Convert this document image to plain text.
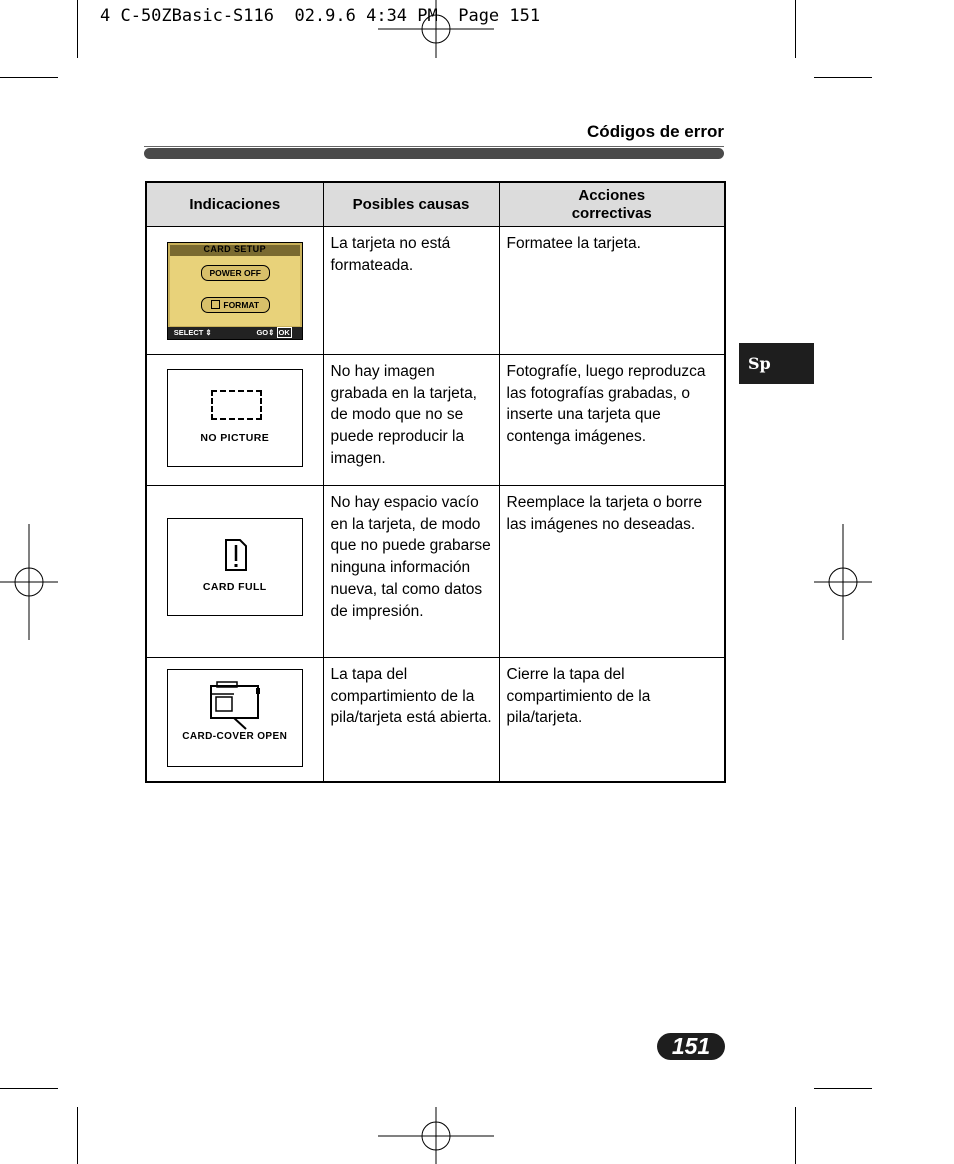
4 C-50ZBasic-S116  02.9.6 4:34 PM  Page 151
Códigos de error
Indicaciones	Posibles causas	Acciones correctivas

CARD SETUP
POWER OFF
FORMAT
SELECT ⇕ GO⇕ OK	La tarjeta no está formateada.	Formatee la tarjeta.

NO PICTURE	No hay imagen grabada en la tarjeta, de modo que no se puede reproducir la imagen.	Fotografíe, luego reproduzca las fotografías grabadas, o inserte una tarjeta que contenga imágenes.

CARD FULL	No hay espacio vacío en la tarjeta, de modo que no puede grabarse ninguna información nueva, tal como datos de impresión.	Reemplace la tarjeta o borre las imágenes no deseadas.

CARD-COVER OPEN	La tapa del compartimiento de la pila/tarjeta está abierta.	Cierre la tapa del compartimiento de la pila/tarjeta.
Sp
151
